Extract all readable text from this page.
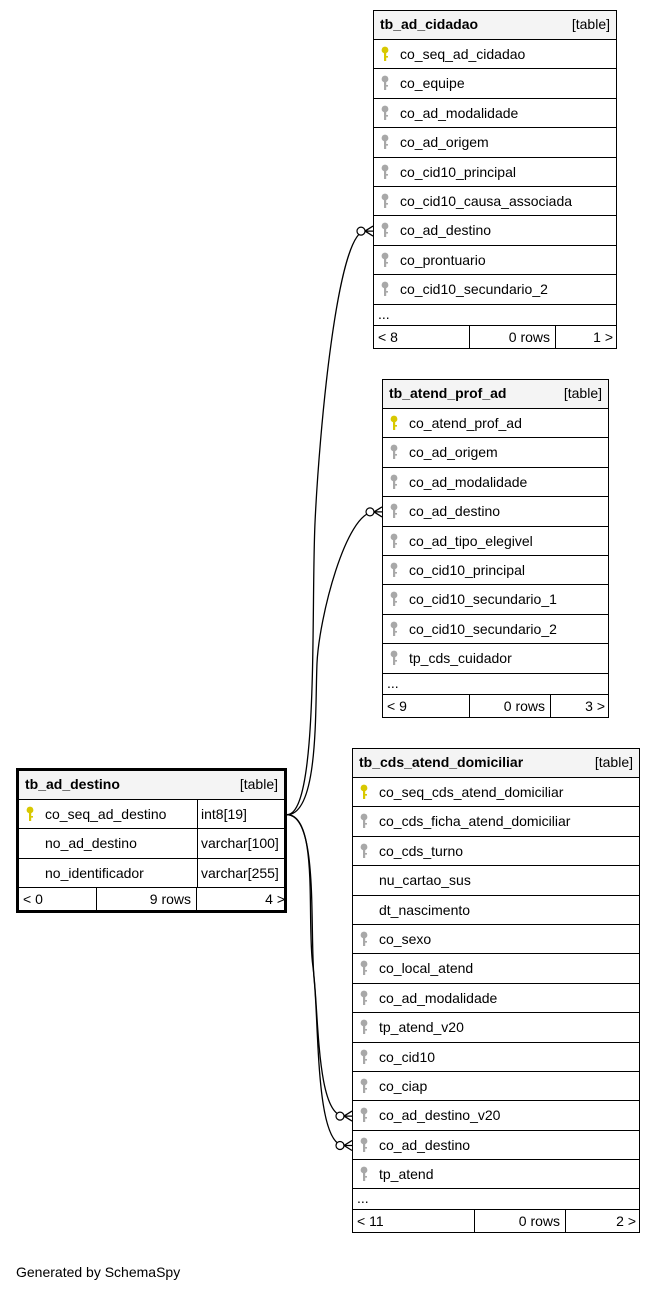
tb_ad_cidadao	[table]
co_seq_ad_cidadao
co_equipe
co_ad_modalidade
co_ad_origem
co_cid10_principal
co_cid10_causa_associada
co_ad_destino
co_prontuario
co_cid10_secundario_2
...
< 8	0 rows	1 >
tb_atend_prof_ad	[table]
co_atend_prof_ad
co_ad_origem
co_ad_modalidade
co_ad_destino
co_ad_tipo_elegivel
co_cid10_principal
co_cid10_secundario_1
co_cid10_secundario_2
tp_cds_cuidador
...
< 9	0 rows	3 >
tb_cds_atend_domiciliar	[table]
co_seq_cds_atend_domiciliar
co_cds_ficha_atend_domiciliar
co_cds_turno
nu_cartao_sus
dt_nascimento
co_sexo
co_local_atend
co_ad_modalidade
tp_atend_v20
co_cid10
co_ciap
co_ad_destino_v20
co_ad_destino
tp_atend
...
< 11	0 rows	2 >
tb_ad_destino	[table]
co_seq_ad_destino int8[19]
no_ad_destino	varchar[100]
no_identificador	varchar[255]
< 0	9 rows	4 >
Generated by SchemaSpy
